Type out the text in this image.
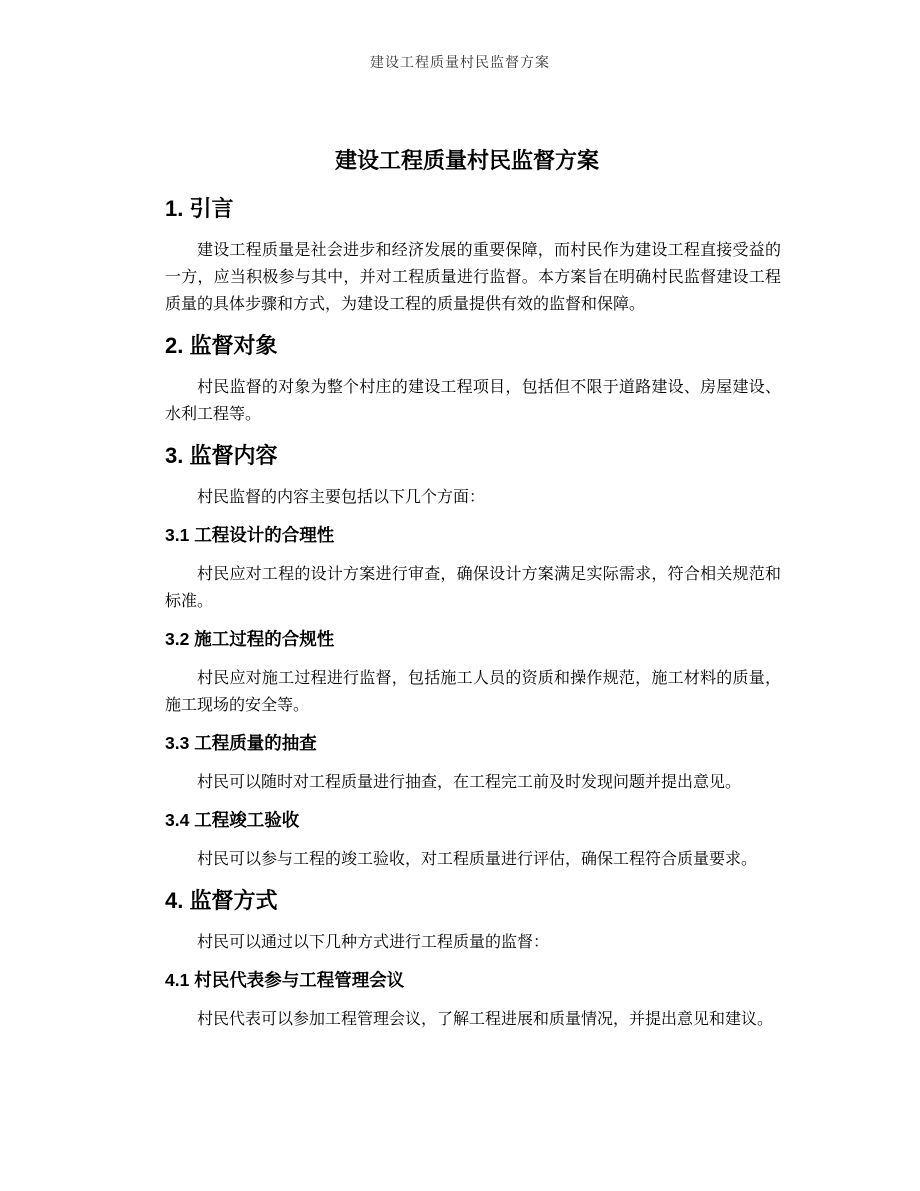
建设工程质量村民监督方案
建设工程质量村民监督方案
1. 引言

建设工程质量是社会进步和经济发展的重要保障，而村民作为建设工程直接受益的一方，应当积极参与其中，并对工程质量进行监督。本方案旨在明确村民监督建设工程质量的具体步骤和方式，为建设工程的质量提供有效的监督和保障。

2. 监督对象

村民监督的对象为整个村庄的建设工程项目，包括但不限于道路建设、房屋建设、水利工程等。

3. 监督内容

村民监督的内容主要包括以下几个方面：

3.1 工程设计的合理性

村民应对工程的设计方案进行审查，确保设计方案满足实际需求，符合相关规范和标准。

3.2 施工过程的合规性

村民应对施工过程进行监督，包括施工人员的资质和操作规范，施工材料的质量，施工现场的安全等。

3.3 工程质量的抽查

村民可以随时对工程质量进行抽查，在工程完工前及时发现问题并提出意见。

3.4 工程竣工验收

村民可以参与工程的竣工验收，对工程质量进行评估，确保工程符合质量要求。

4. 监督方式

村民可以通过以下几种方式进行工程质量的监督：

4.1 村民代表参与工程管理会议

村民代表可以参加工程管理会议，了解工程进展和质量情况，并提出意见和建议。
